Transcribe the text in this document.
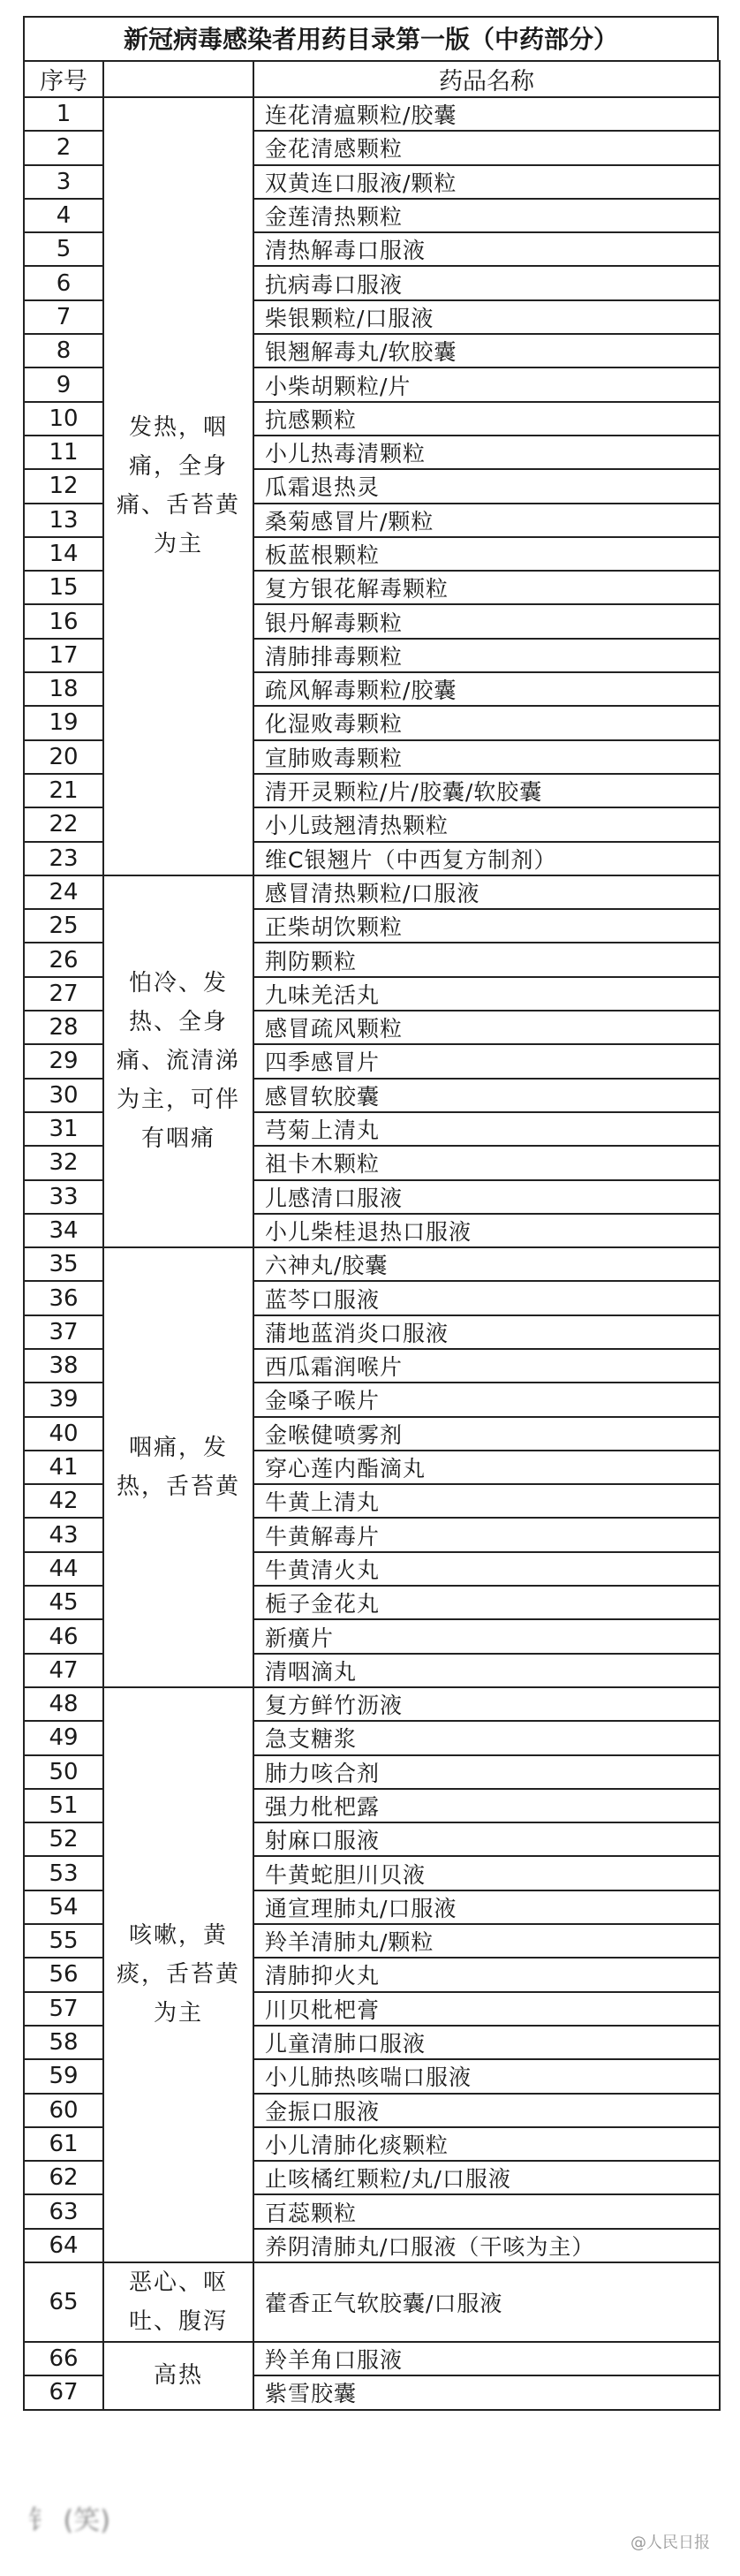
新冠病毒感染者用药目录第一版（中药部分）
序号		药品名称
1	发热，咽痛，全身痛、舌苔黄为主	连花清瘟颗粒/胶囊
2		金花清感颗粒
3		双黄连口服液/颗粒
4		金莲清热颗粒
5		清热解毒口服液
6		抗病毒口服液
7		柴银颗粒/口服液
8		银翘解毒丸/软胶囊
9		小柴胡颗粒/片
10		抗感颗粒
11		小儿热毒清颗粒
12		瓜霜退热灵
13		桑菊感冒片/颗粒
14		板蓝根颗粒
15		复方银花解毒颗粒
16		银丹解毒颗粒
17		清肺排毒颗粒
18		疏风解毒颗粒/胶囊
19		化湿败毒颗粒
20		宣肺败毒颗粒
21		清开灵颗粒/片/胶囊/软胶囊
22		小儿豉翘清热颗粒
23		维C银翘片（中西复方制剂）
24	怕冷、发热、全身痛、流清涕为主，可伴有咽痛	感冒清热颗粒/口服液
25		正柴胡饮颗粒
26		荆防颗粒
27		九味羌活丸
28		感冒疏风颗粒
29		四季感冒片
30		感冒软胶囊
31		芎菊上清丸
32		祖卡木颗粒
33		儿感清口服液
34		小儿柴桂退热口服液
35	咽痛，发热，舌苔黄	六神丸/胶囊
36		蓝芩口服液
37		蒲地蓝消炎口服液
38		西瓜霜润喉片
39		金嗓子喉片
40		金喉健喷雾剂
41		穿心莲内酯滴丸
42		牛黄上清丸
43		牛黄解毒片
44		牛黄清火丸
45		栀子金花丸
46		新癀片
47		清咽滴丸
48	咳嗽，黄痰，舌苔黄为主	复方鲜竹沥液
49		急支糖浆
50		肺力咳合剂
51		强力枇杷露
52		射麻口服液
53		牛黄蛇胆川贝液
54		通宣理肺丸/口服液
55		羚羊清肺丸/颗粒
56		清肺抑火丸
57		川贝枇杷膏
58		儿童清肺口服液
59		小儿肺热咳喘口服液
60		金振口服液
61		小儿清肺化痰颗粒
62		止咳橘红颗粒/丸/口服液
63		百蕊颗粒
64		养阴清肺丸/口服液（干咳为主）
65	恶心、呕吐、腹泻	藿香正气软胶囊/口服液
66	高热	羚羊角口服液
67		紫雪胶囊
钅 (笑)
@人民日报
